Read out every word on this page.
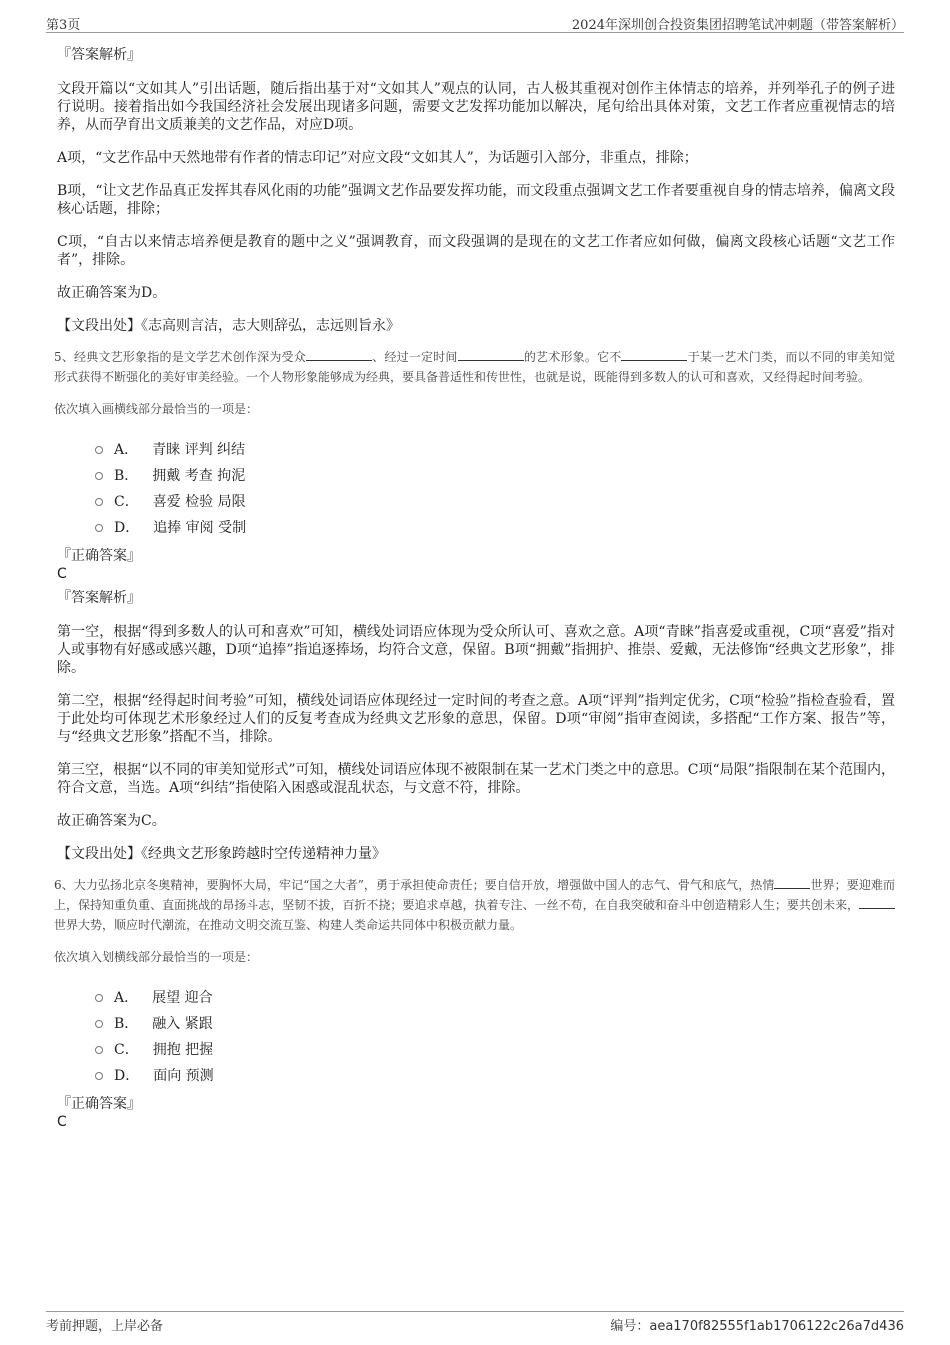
第3页	2024年深圳创合投资集团招聘笔试冲刺题（带答案解析）

『答案解析』

文段开篇以“文如其人”引出话题，随后指出基于对“文如其人”观点的认同，古人极其重视对创作主体情志的培养，并列举孔子的例子进行说明。接着指出如今我国经济社会发展出现诸多问题，需要文艺发挥功能加以解决，尾句给出具体对策，文艺工作者应重视情志的培养，从而孕育出文质兼美的文艺作品，对应D项。

A项，“文艺作品中天然地带有作者的情志印记”对应文段“文如其人”，为话题引入部分，非重点，排除；

B项，“让文艺作品真正发挥其春风化雨的功能”强调文艺作品要发挥功能，而文段重点强调文艺工作者要重视自身的情志培养，偏离文段核心话题，排除；

C项，“自古以来情志培养便是教育的题中之义”强调教育，而文段强调的是现在的文艺工作者应如何做，偏离文段核心话题“文艺工作者”，排除。

故正确答案为D。

【文段出处】《志高则言洁，志大则辞弘，志远则旨永》

5、经典文艺形象指的是文学艺术创作深为受众	、经过一定时间	的艺术形象。它不	于某一艺术门类，而以不同的审美知觉形式获得不断强化的美好审美经验。一个人物形象能够成为经典，要具备普适性和传世性，也就是说，既能得到多数人的认可和喜欢，又经得起时间考验。

依次填入画横线部分最恰当的一项是：

A． 青睐 评判 纠结
B． 拥戴 考查 拘泥
C． 喜爱 检验 局限
D． 追捧 审阅 受制

『正确答案』

C

『答案解析』

第一空，根据“得到多数人的认可和喜欢”可知，横线处词语应体现为受众所认可、喜欢之意。A项“青睐”指喜爱或重视，C项“喜爱”指对人或事物有好感或感兴趣，D项“追捧”指追逐捧场，均符合文意，保留。B项“拥戴”指拥护、推崇、爱戴，无法修饰“经典文艺形象”，排除。

第二空，根据“经得起时间考验”可知，横线处词语应体现经过一定时间的考查之意。A项“评判”指判定优劣，C项“检验”指检查验看，置于此处均可体现艺术形象经过人们的反复考查成为经典文艺形象的意思，保留。D项“审阅”指审查阅读，多搭配“工作方案、报告”等，与“经典文艺形象”搭配不当，排除。

第三空，根据“以不同的审美知觉形式”可知，横线处词语应体现不被限制在某一艺术门类之中的意思。C项“局限”指限制在某个范围内，符合文意，当选。A项“纠结”指使陷入困惑或混乱状态，与文意不符，排除。

故正确答案为C。

【文段出处】《经典文艺形象跨越时空传递精神力量》

6、大力弘扬北京冬奥精神，要胸怀大局，牢记“国之大者”，勇于承担使命责任；要自信开放，增强做中国人的志气、骨气和底气，热情	世界；要迎难而上，保持知重负重、直面挑战的昂扬斗志，坚韧不拔，百折不挠；要追求卓越，执着专注、一丝不苟，在自我突破和奋斗中创造精彩人生；要共创未来，世界大势，顺应时代潮流，在推动文明交流互鉴、构建人类命运共同体中积极贡献力量。

依次填入划横线部分最恰当的一项是：

A． 展望 迎合
B． 融入 紧跟
C． 拥抱 把握
D． 面向 预测

『正确答案』

C

考前押题，上岸必备	编号：aea170f82555f1ab1706122c26a7d436
